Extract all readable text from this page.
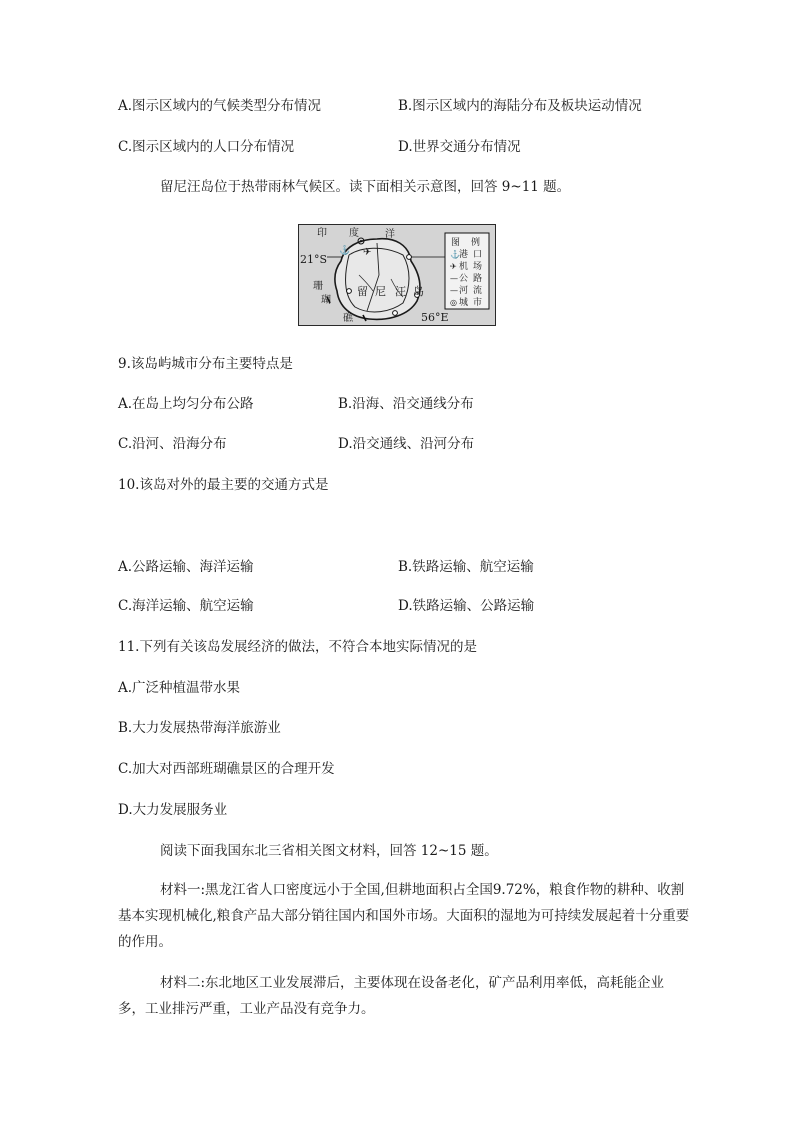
A.图示区域内的气候类型分布情况	B.图示区域内的海陆分布及板块运动情况
C.图示区域内的人口分布情况	D.世界交通分布情况
留尼汪岛位于热带雨林气候区。读下面相关示意图，回答 9~11 题。
⚓ ✈
印 度	洋
21°S
56°E
珊
瑚
礁
留 尼 汪 岛
图 例
⚓ 港 口
✈ 机 场
— 公 路
— 河 流
◎ 城 市
9.该岛屿城市分布主要特点是
A.在岛上均匀分布公路	B.沿海、沿交通线分布
C.沿河、沿海分布	D.沿交通线、沿河分布
10.该岛对外的最主要的交通方式是
A.公路运输、海洋运输	B.铁路运输、航空运输
C.海洋运输、航空运输	D.铁路运输、公路运输
11.下列有关该岛发展经济的做法，不符合本地实际情况的是
A.广泛种植温带水果
B.大力发展热带海洋旅游业
C.加大对西部班瑚礁景区的合理开发
D.大力发展服务业
阅读下面我国东北三省相关图文材料，回答 12~15 题。
材料一:黑龙江省人口密度远小于全国,但耕地面积占全国9.72%，粮食作物的耕种、收割基本实现机械化,粮食产品大部分销往国内和国外市场。大面积的湿地为可持续发展起着十分重要的作用。
材料二:东北地区工业发展滞后，主要体现在设备老化，矿产品利用率低，高耗能企业多，工业排污严重，工业产品没有竞争力。
